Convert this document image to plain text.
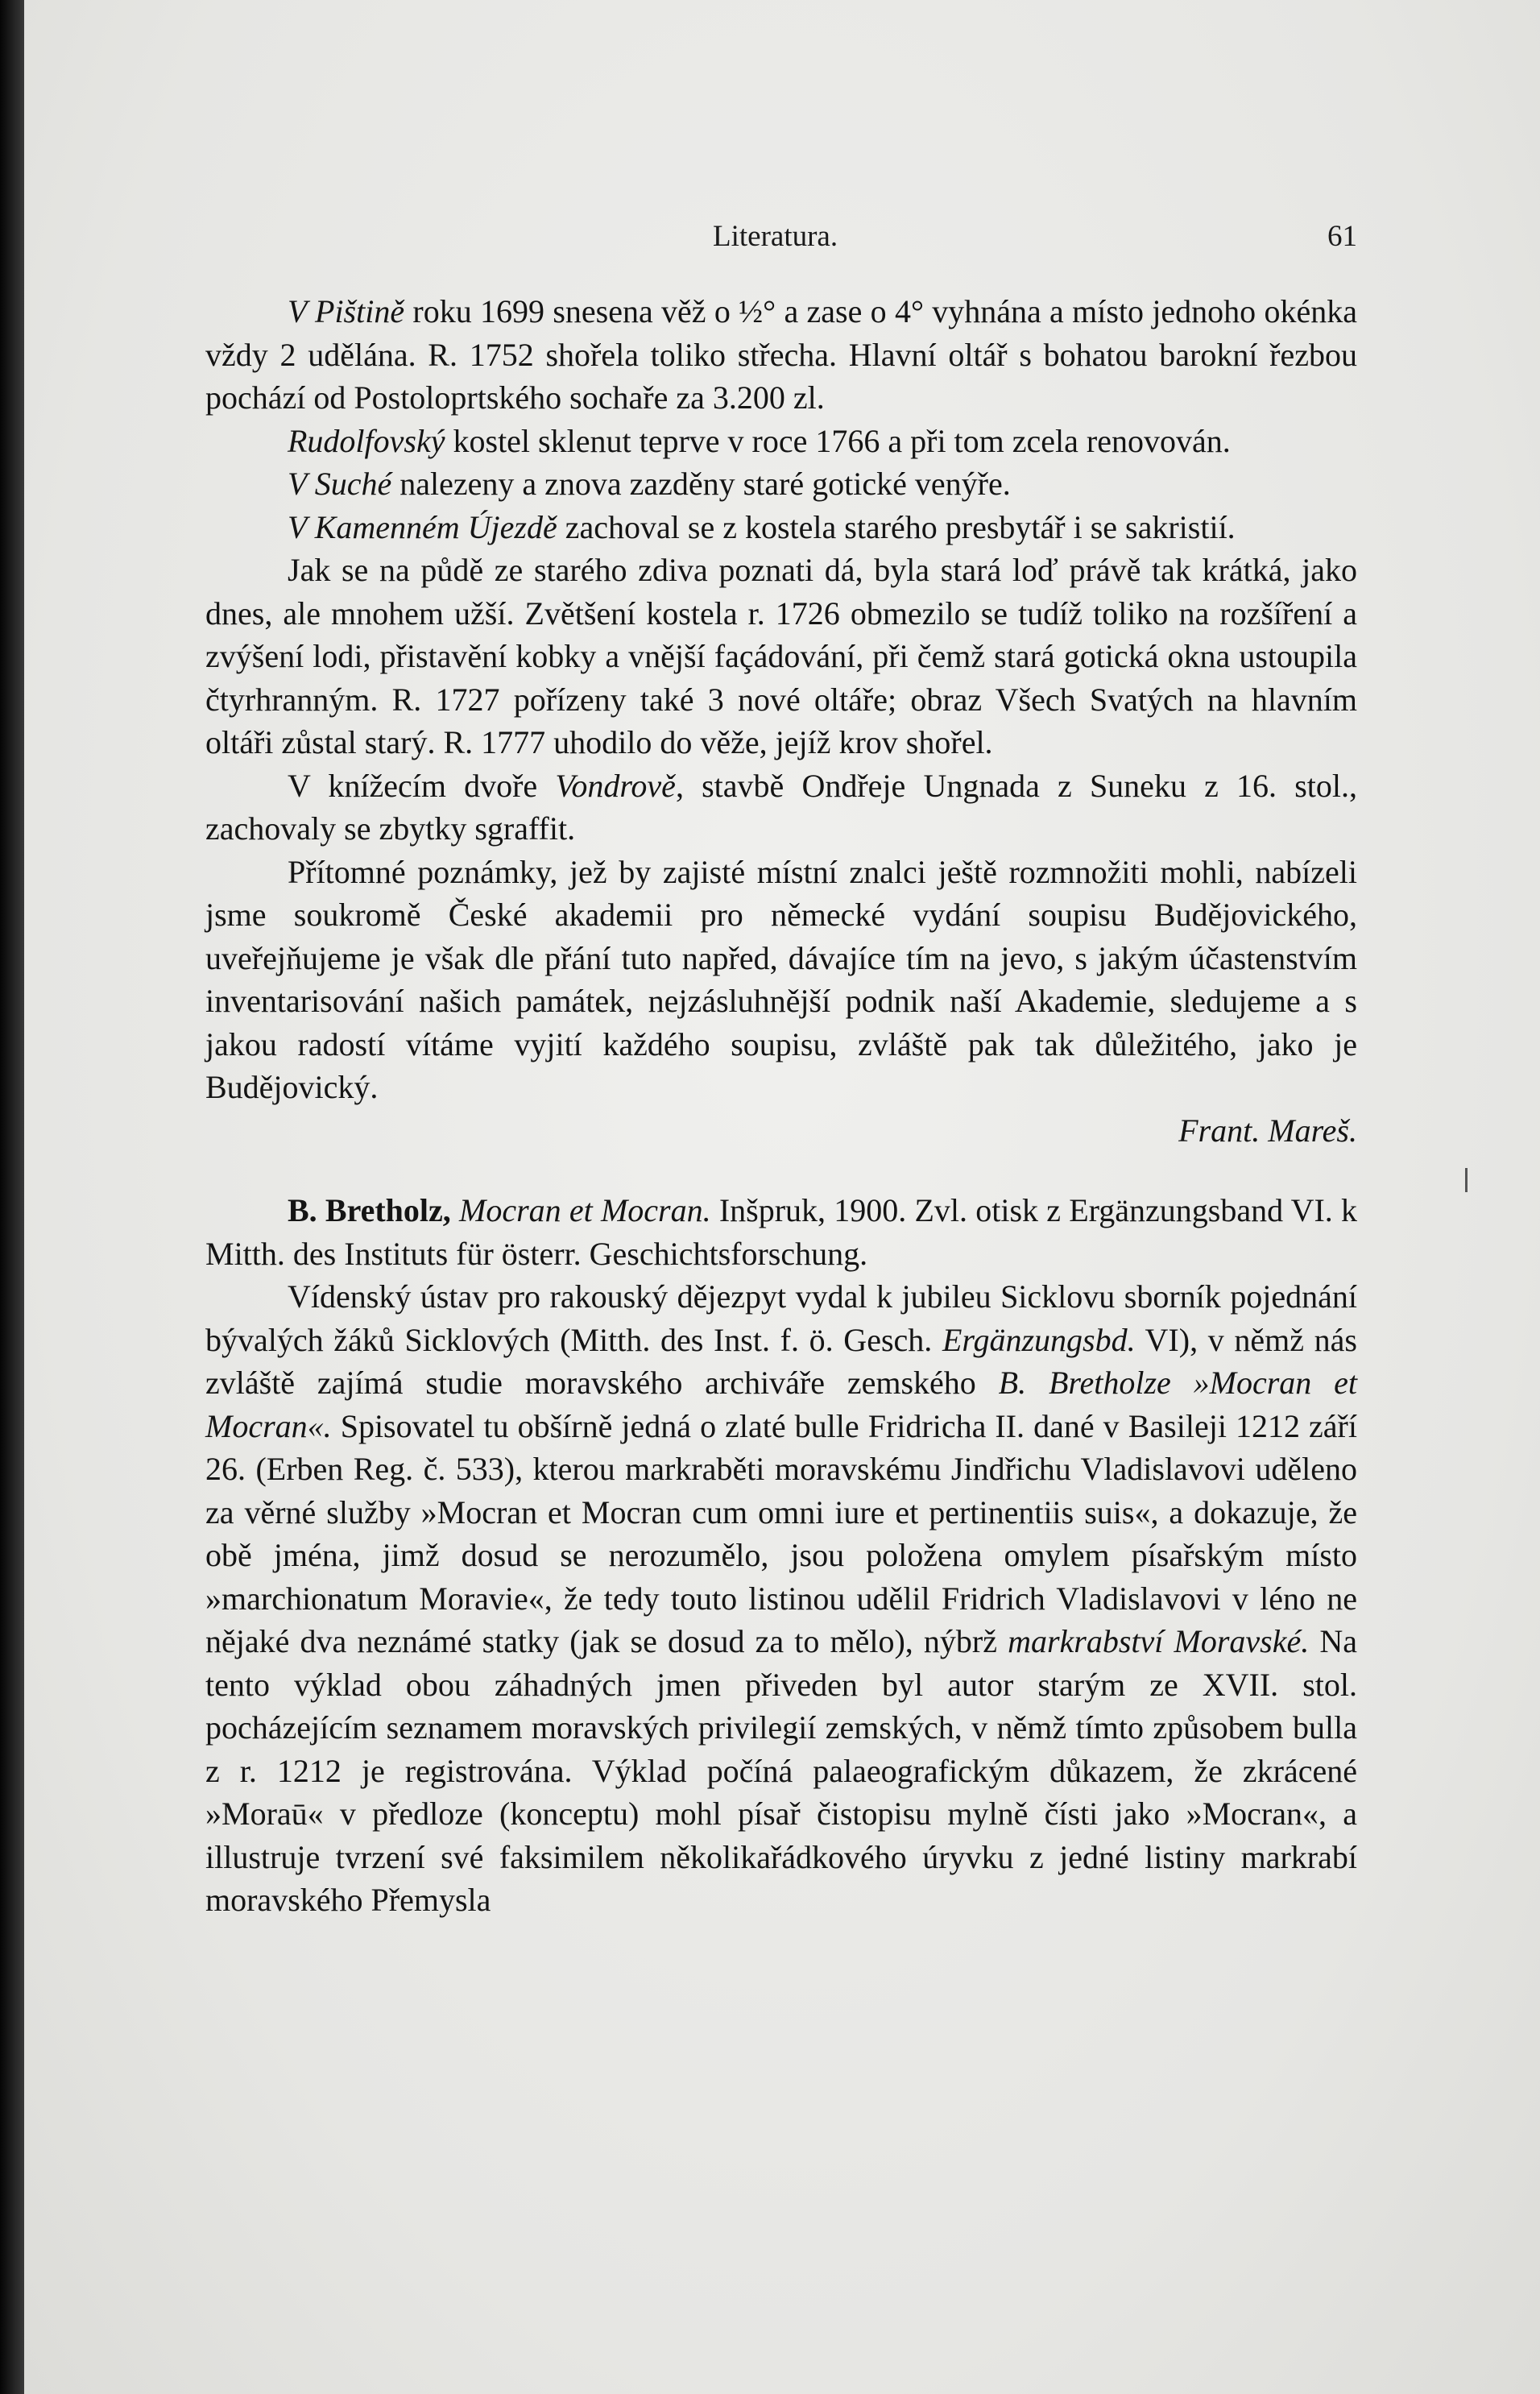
Literatura.	61

V Pištině roku 1699 snesena věž o ½° a zase o 4° vyhnána a místo jednoho okénka vždy 2 udělána. R. 1752 shořela toliko střecha. Hlavní oltář s bohatou barokní řezbou pochází od Postoloprtského sochaře za 3.200 zl.

Rudolfovský kostel sklenut teprve v roce 1766 a při tom zcela renovován.

V Suché nalezeny a znova zazděny staré gotické venýře.

V Kamenném Újezdě zachoval se z kostela starého presbytář i se sakristií.

Jak se na půdě ze starého zdiva poznati dá, byla stará loď právě tak krátká, jako dnes, ale mnohem užší. Zvětšení kostela r. 1726 obmezilo se tudíž toliko na rozšíření a zvýšení lodi, přistavění kobky a vnější façádování, při čemž stará gotická okna ustoupila čtyrhranným. R. 1727 pořízeny také 3 nové oltáře; obraz Všech Svatých na hlavním oltáři zůstal starý. R. 1777 uhodilo do věže, jejíž krov shořel.

V knížecím dvoře Vondrově, stavbě Ondřeje Ungnada z Suneku z 16. stol., zachovaly se zbytky sgraffit.

Přítomné poznámky, jež by zajisté místní znalci ještě rozmnožiti mohli, nabízeli jsme soukromě České akademii pro německé vydání soupisu Budějovického, uveřejňujeme je však dle přání tuto napřed, dávajíce tím na jevo, s jakým účastenstvím inventarisování našich památek, nejzásluhnější podnik naší Akademie, sledujeme a s jakou radostí vítáme vyjití každého soupisu, zvláště pak tak důležitého, jako je Budějovický.

Frant. Mareš.

B. Bretholz, Mocran et Mocran. Inšpruk, 1900. Zvl. otisk z Ergänzungsband VI. k Mitth. des Instituts für österr. Geschichtsforschung.

Vídenský ústav pro rakouský dějezpyt vydal k jubileu Sicklovu sborník pojednání bývalých žáků Sicklových (Mitth. des Inst. f. ö. Gesch. Ergänzungsbd. VI), v němž nás zvláště zajímá studie moravského archiváře zemského B. Bretholze »Mocran et Mocran«. Spisovatel tu obšírně jedná o zlaté bulle Fridricha II. dané v Basileji 1212 září 26. (Erben Reg. č. 533), kterou markraběti moravskému Jindřichu Vladislavovi uděleno za věrné služby »Mocran et Mocran cum omni iure et pertinentiis suis«, a dokazuje, že obě jména, jimž dosud se nerozumělo, jsou položena omylem písařským místo »marchionatum Moravie«, že tedy touto listinou udělil Fridrich Vladislavovi v léno ne nějaké dva neznámé statky (jak se dosud za to mělo), nýbrž markrabství Moravské. Na tento výklad obou záhadných jmen přiveden byl autor starým ze XVII. stol. pocházejícím seznamem moravských privilegií zemských, v němž tímto způsobem bulla z r. 1212 je registrována. Výklad počíná palaeografickým důkazem, že zkrácené »Moraū« v předloze (konceptu) mohl písař čistopisu mylně čísti jako »Mocran«, a illustruje tvrzení své faksimilem několikařádkového úryvku z jedné listiny markrabí moravského Přemysla
